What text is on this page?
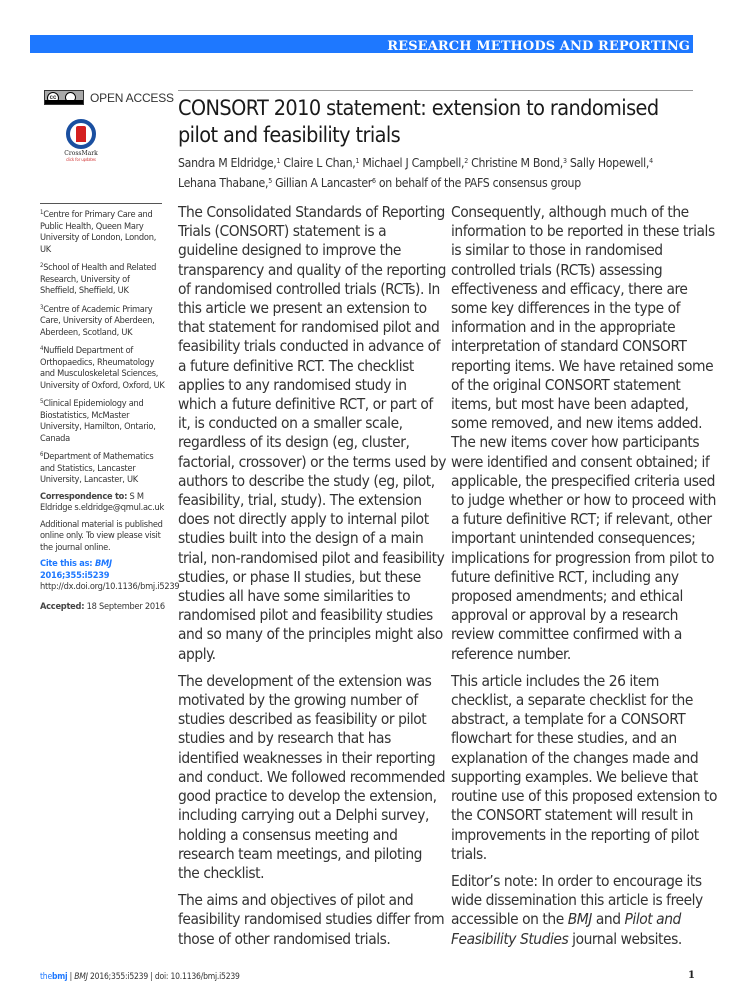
RESEARCH METHODS AND REPORTING
cc	OPEN ACCESS
CrossMark
click for updates
CONSORT 2010 statement: extension to randomised pilot and feasibility trials
Sandra M Eldridge,$^1$ Claire L Chan,$^1$ Michael J Campbell,$^2$ Christine M Bond,$^3$ Sally Hopewell,$^4$
Lehana Thabane,$^5$ Gillian A Lancaster$^6$ on behalf of the PAFS consensus group

$^1$Centre for Primary Care and Public Health, Queen Mary University of London, London, UK

$^2$School of Health and Related Research, University of Sheffield, Sheffield, UK

$^3$Centre of Academic Primary Care, University of Aberdeen, Aberdeen, Scotland, UK

$^4$Nuffield Department of Orthopaedics, Rheumatology and Musculoskeletal Sciences, University of Oxford, Oxford, UK

$^5$Clinical Epidemiology and Biostatistics, McMaster University, Hamilton, Ontario, Canada

$^6$Department of Mathematics and Statistics, Lancaster University, Lancaster, UK

Correspondence to: S M Eldridge s.eldridge@qmul.ac.uk

Additional material is published online only. To view please visit the journal online.

Cite this as: BMJ 2016;355:i5239
http://dx.doi.org/10.1136/bmj.i5239

Accepted: 18 September 2016

The Consolidated Standards of Reporting Trials (CONSORT) statement is a guideline designed to improve the transparency and quality of the reporting of randomised controlled trials (RCTs). In this article we present an extension to that statement for randomised pilot and feasibility trials conducted in advance of a future definitive RCT. The checklist applies to any randomised study in which a future definitive RCT, or part of it, is conducted on a smaller scale, regardless of its design (eg, cluster, factorial, crossover) or the terms used by authors to describe the study (eg, pilot, feasibility, trial, study). The extension does not directly apply to internal pilot studies built into the design of a main trial, non-randomised pilot and feasibility studies, or phase II studies, but these studies all have some similarities to randomised pilot and feasibility studies and so many of the principles might also apply.

The development of the extension was motivated by the growing number of studies described as feasibility or pilot studies and by research that has identified weaknesses in their reporting and conduct. We followed recommended good practice to develop the extension, including carrying out a Delphi survey, holding a consensus meeting and research team meetings, and piloting the checklist.

The aims and objectives of pilot and feasibility randomised studies differ from those of other randomised trials.

Consequently, although much of the information to be reported in these trials is similar to those in randomised controlled trials (RCTs) assessing effectiveness and efficacy, there are some key differences in the type of information and in the appropriate interpretation of standard CONSORT reporting items. We have retained some of the original CONSORT statement items, but most have been adapted, some removed, and new items added. The new items cover how participants were identified and consent obtained; if applicable, the prespecified criteria used to judge whether or how to proceed with a future definitive RCT; if relevant, other important unintended consequences; implications for progression from pilot to future definitive RCT, including any proposed amendments; and ethical approval or approval by a research review committee confirmed with a reference number.

This article includes the 26 item checklist, a separate checklist for the abstract, a template for a CONSORT flowchart for these studies, and an explanation of the changes made and supporting examples. We believe that routine use of this proposed extension to the CONSORT statement will result in improvements in the reporting of pilot trials.

Editor’s note: In order to encourage its wide dissemination this article is freely accessible on the BMJ and Pilot and Feasibility Studies journal websites.

thebmj | BMJ 2016;355:i5239 | doi: 10.1136/bmj.i5239	1
